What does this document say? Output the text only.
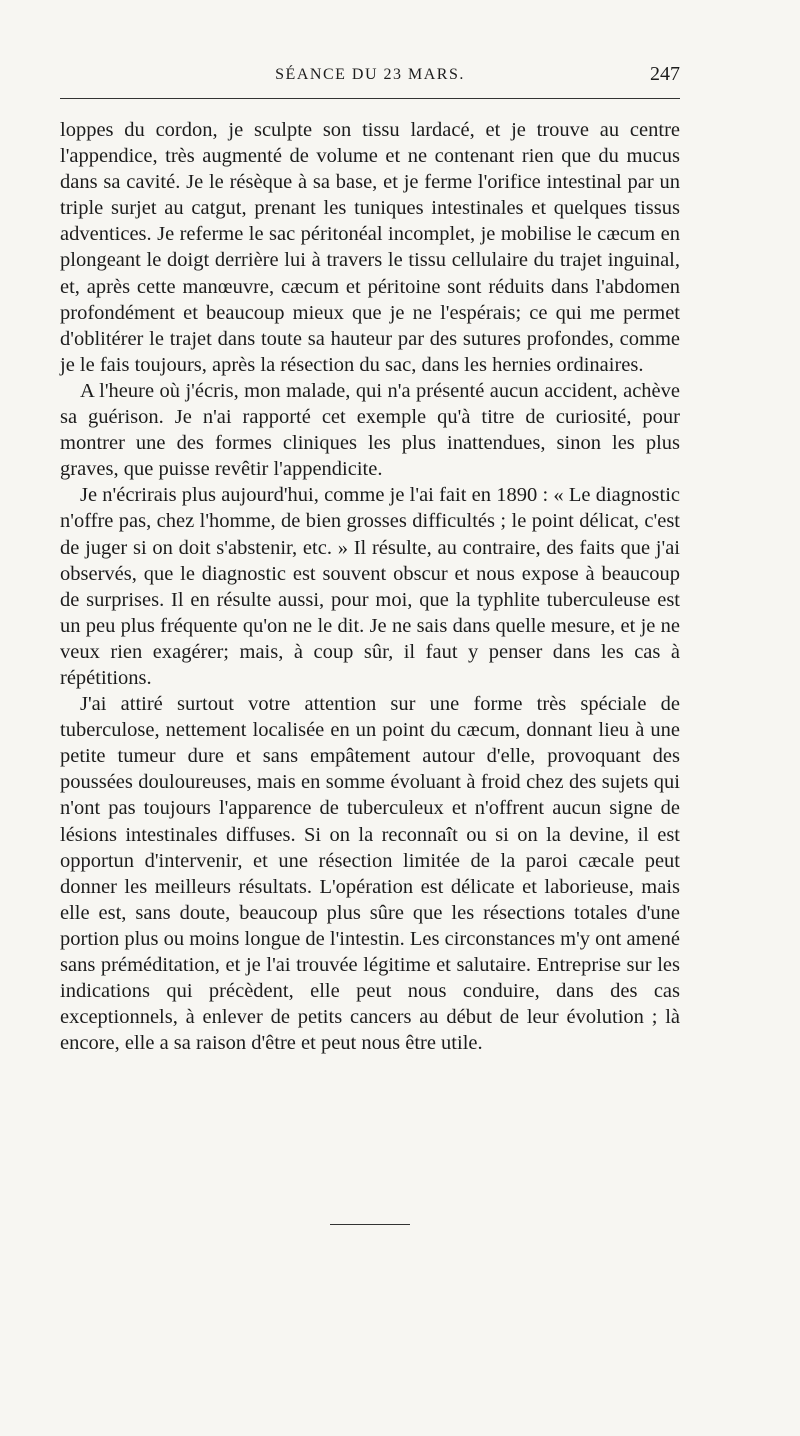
SÉANCE DU 23 MARS.	247

loppes du cordon, je sculpte son tissu lardacé, et je trouve au centre l'appendice, très augmenté de volume et ne contenant rien que du mucus dans sa cavité. Je le résèque à sa base, et je ferme l'orifice intestinal par un triple surjet au catgut, prenant les tuniques intestinales et quelques tissus adventices. Je referme le sac péritonéal incomplet, je mobilise le cæcum en plongeant le doigt derrière lui à travers le tissu cellulaire du trajet inguinal, et, après cette manœuvre, cæcum et péritoine sont réduits dans l'abdomen profondément et beaucoup mieux que je ne l'espérais; ce qui me permet d'oblitérer le trajet dans toute sa hauteur par des sutures profondes, comme je le fais toujours, après la résection du sac, dans les hernies ordinaires.

A l'heure où j'écris, mon malade, qui n'a présenté aucun accident, achève sa guérison. Je n'ai rapporté cet exemple qu'à titre de curiosité, pour montrer une des formes cliniques les plus inattendues, sinon les plus graves, que puisse revêtir l'appendicite.

Je n'écrirais plus aujourd'hui, comme je l'ai fait en 1890 : « Le diagnostic n'offre pas, chez l'homme, de bien grosses difficultés ; le point délicat, c'est de juger si on doit s'abstenir, etc. » Il résulte, au contraire, des faits que j'ai observés, que le diagnostic est souvent obscur et nous expose à beaucoup de surprises. Il en résulte aussi, pour moi, que la typhlite tuberculeuse est un peu plus fréquente qu'on ne le dit. Je ne sais dans quelle mesure, et je ne veux rien exagérer; mais, à coup sûr, il faut y penser dans les cas à répétitions.

J'ai attiré surtout votre attention sur une forme très spéciale de tuberculose, nettement localisée en un point du cæcum, donnant lieu à une petite tumeur dure et sans empâtement autour d'elle, provoquant des poussées douloureuses, mais en somme évoluant à froid chez des sujets qui n'ont pas toujours l'apparence de tuberculeux et n'offrent aucun signe de lésions intestinales diffuses. Si on la reconnaît ou si on la devine, il est opportun d'intervenir, et une résection limitée de la paroi cæcale peut donner les meilleurs résultats. L'opération est délicate et laborieuse, mais elle est, sans doute, beaucoup plus sûre que les résections totales d'une portion plus ou moins longue de l'intestin. Les circonstances m'y ont amené sans préméditation, et je l'ai trouvée légitime et salutaire. Entreprise sur les indications qui précèdent, elle peut nous conduire, dans des cas exceptionnels, à enlever de petits cancers au début de leur évolution ; là encore, elle a sa raison d'être et peut nous être utile.
